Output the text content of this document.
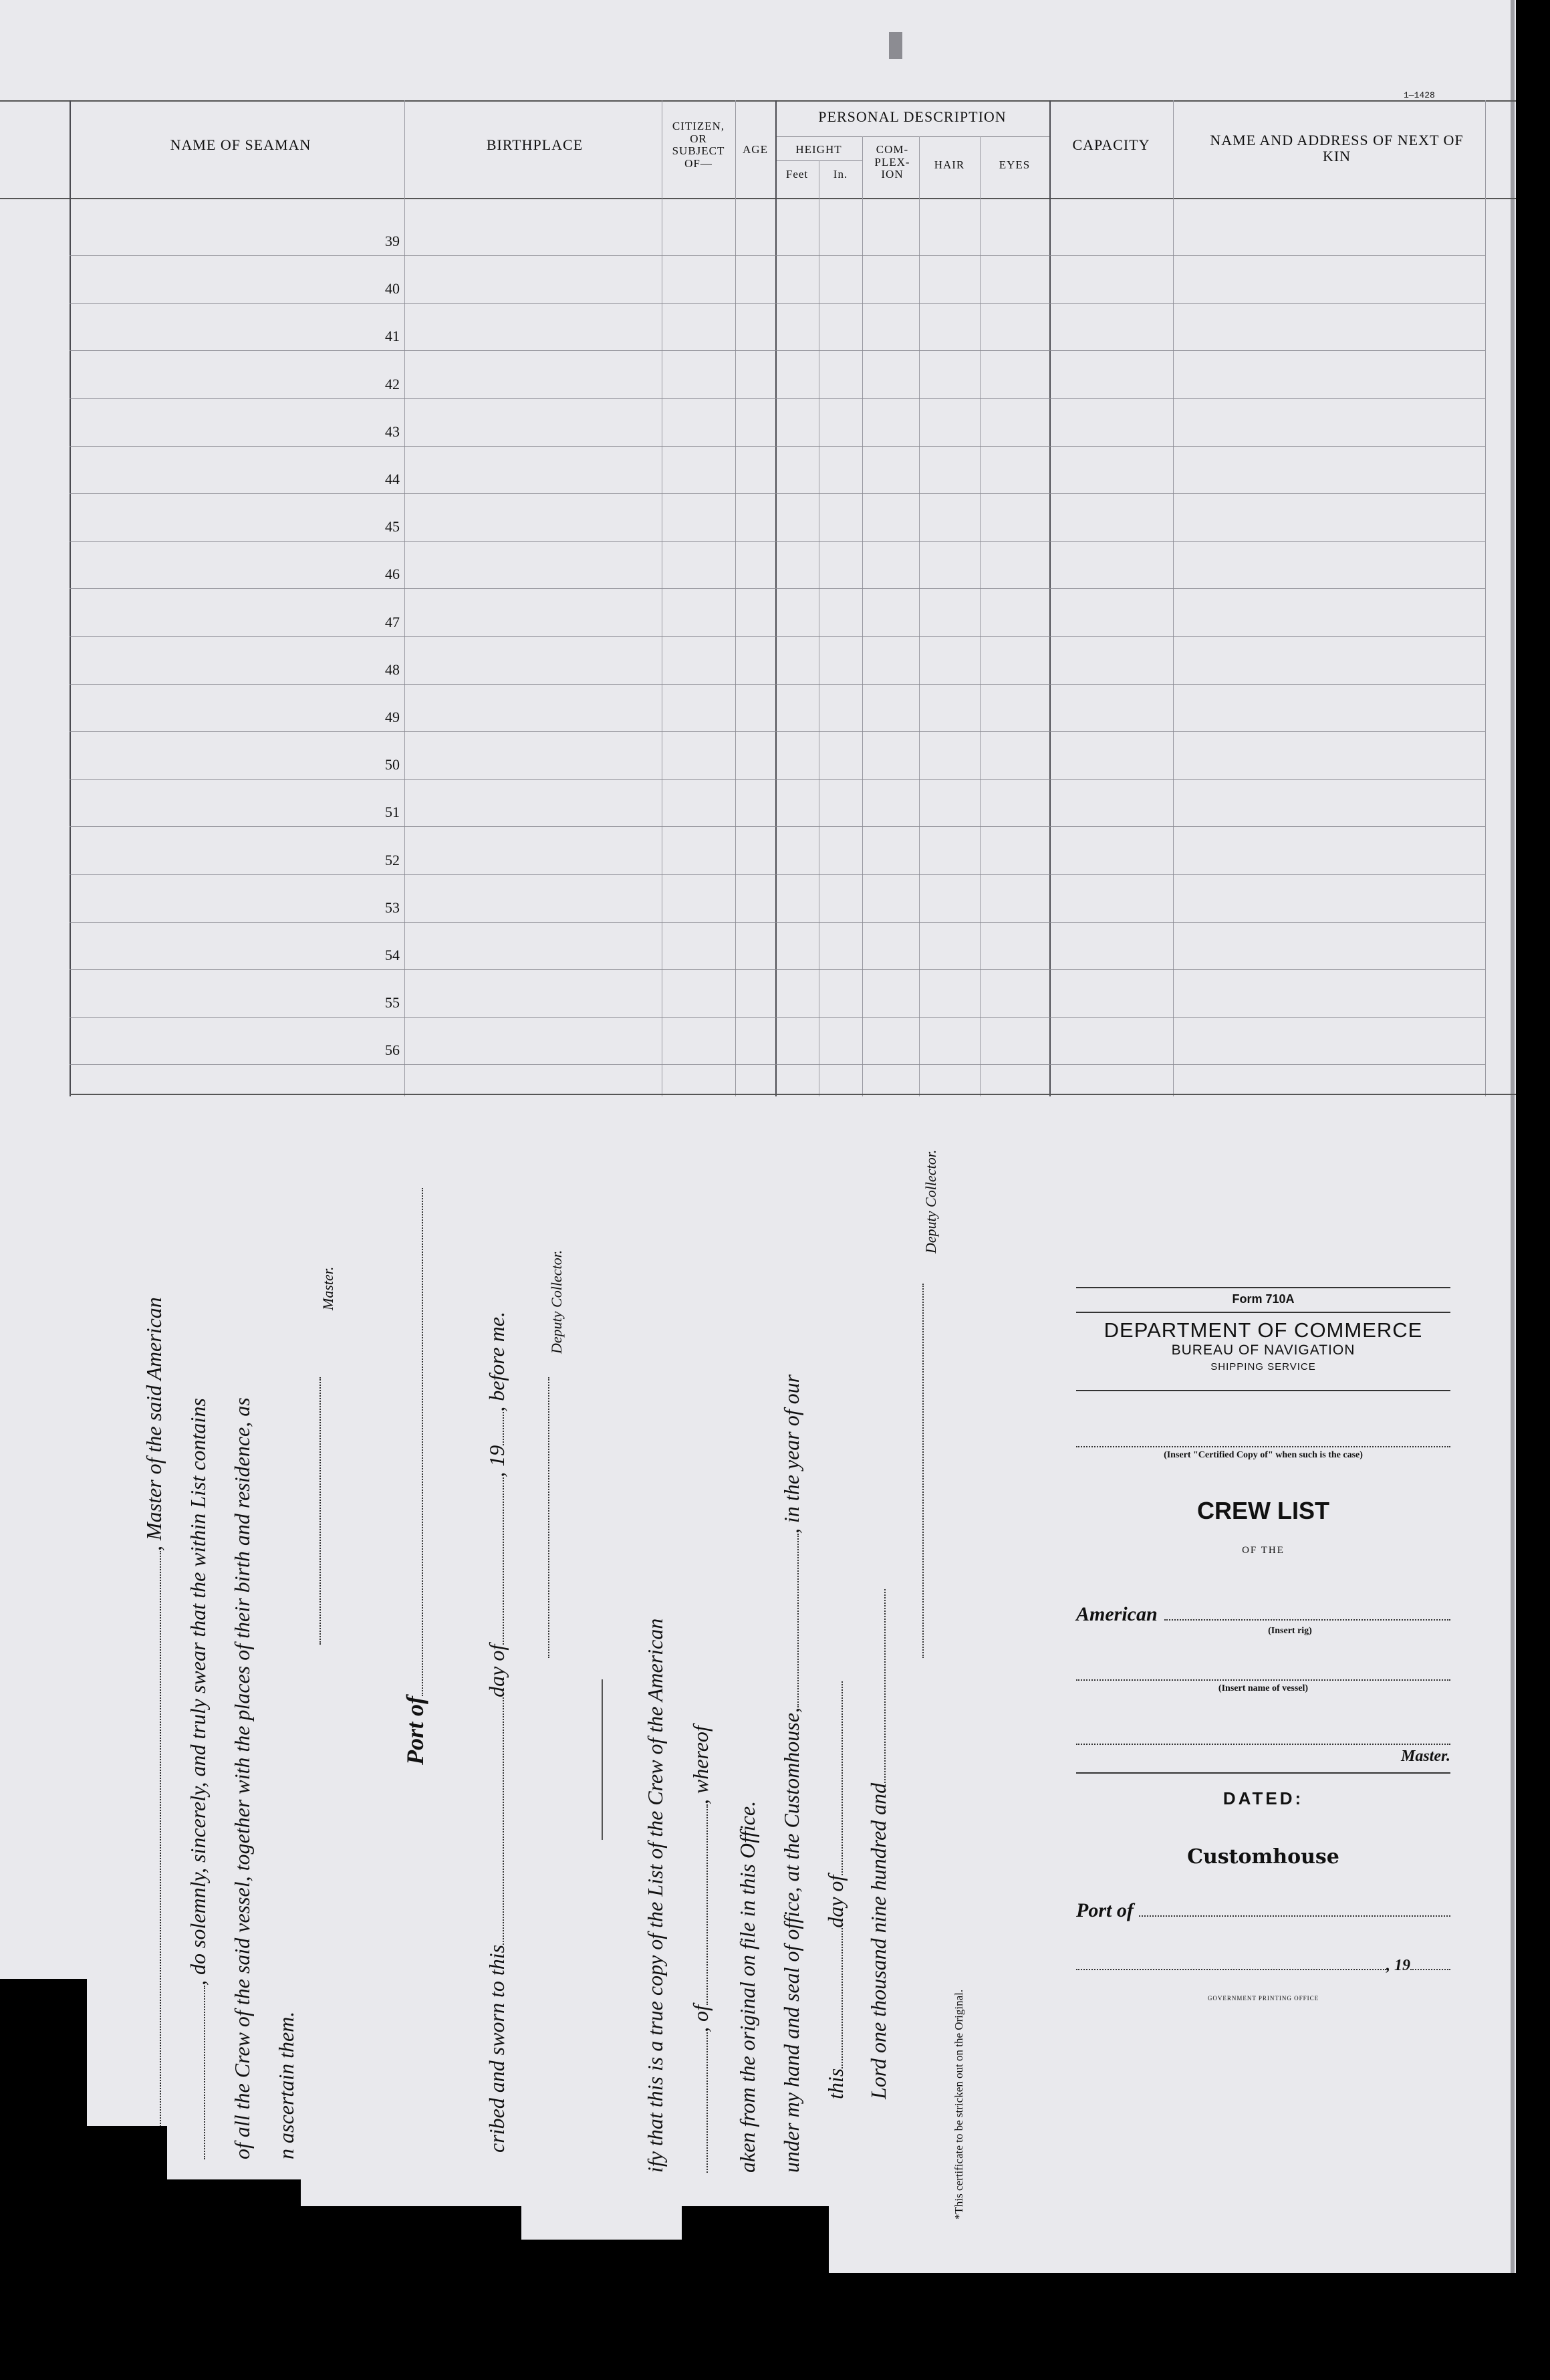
1—1428
NAME OF SEAMAN	BIRTHPLACE
CITIZEN, OR SUBJECT OF—
AGE
PERSONAL DESCRIPTION
HEIGHT
Feet	In.
COM- PLEX- ION
HAIR	EYES
CAPACITY	NAME AND ADDRESS OF NEXT OF KIN
39
40
41
42
43
44
45
46
47
48
49
50
51
52
53
54
55
56
, Master of the said American , do solemnly, sincerely, and truly swear that the within List contains of all the Crew of the said vessel, together with the places of their birth and residence, as n ascertain them.
Master.
Port of
cribed and sworn to thisday of, 19, before me.
Deputy Collector.
ify that this is a true copy of the List of the Crew of the American , of, whereof
aken from the original on file in this Office. under my hand and seal of office, at the Customhouse,, in the year of our
thisday of Lord one thousand nine hundred and
Deputy Collector.
*This certificate to be stricken out on the Original.
Form 710A
DEPARTMENT OF COMMERCE
BUREAU OF NAVIGATION
SHIPPING SERVICE
(Insert "Certified Copy of" when such is the case)
CREW LIST
OF THE
American
(Insert rig)
(Insert name of vessel)
Master.
DATED:
Customhouse
Port of
, 19
GOVERNMENT PRINTING OFFICE
